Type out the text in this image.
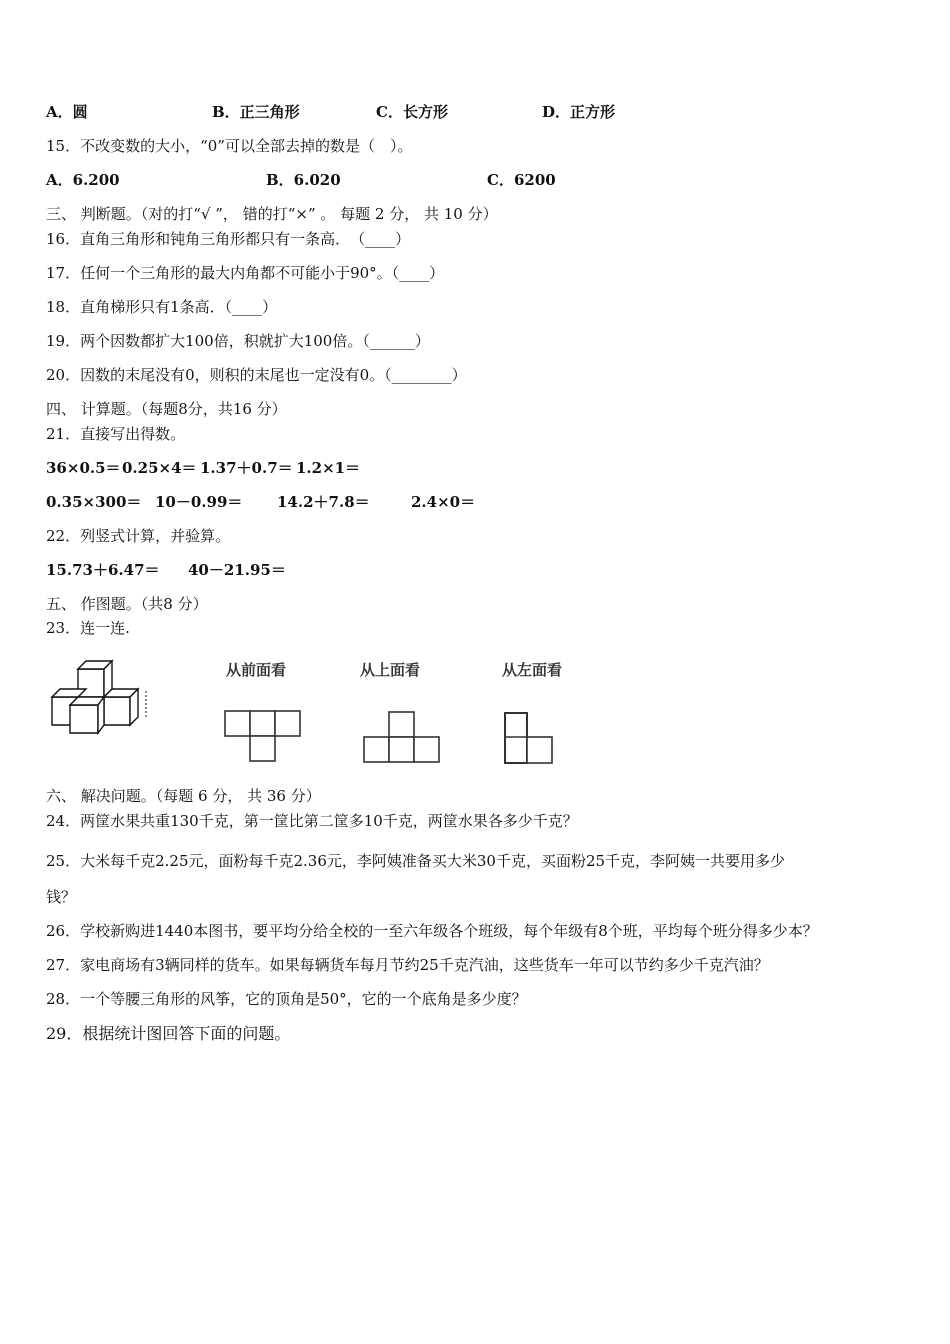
A．圆	B．正三角形	C．长方形	D．正方形
15．不改变数的大小，“0”可以全部去掉的数是（　）。
A．6.200	B．6.020	C．6200
三、 判断题。（对的打“√ ”， 错的打“×” 。 每题 2 分， 共 10 分）
16．直角三角形和钝角三角形都只有一条高．　（____）
17．任何一个三角形的最大内角都不可能小于90°。（____）
18．直角梯形只有1条高．（____）
19．两个因数都扩大100倍，积就扩大100倍。（______）
20．因数的末尾没有0，则积的末尾也一定没有0。（________）
四、 计算题。（每题8分，共16 分）
21．直接写出得数。
36×0.5＝ 0.25×4＝ 1.37＋0.7＝ 1.2×1＝
0.35×300＝ 10－0.99＝ 14.2＋7.8＝	2.4×0＝
22．列竖式计算，并验算。
15.73＋6.47＝ 40－21.95＝
五、 作图题。（共8 分）
23．连一连.
从前面看	从上面看	从左面看
六、 解决问题。（每题 6 分， 共 36 分）
24．两筐水果共重130千克，第一筐比第二筐多10千克，两筐水果各多少千克？
25．大米每千克2.25元，面粉每千克2.36元，李阿姨准备买大米30千克，买面粉25千克，李阿姨一共要用多少
钱？
26．学校新购进1440本图书，要平均分给全校的一至六年级各个班级，每个年级有8个班，平均每个班分得多少本？
27．家电商场有3辆同样的货车。如果每辆货车每月节约25千克汽油，这些货车一年可以节约多少千克汽油？
28．一个等腰三角形的风筝，它的顶角是50°，它的一个底角是多少度？
29．根据统计图回答下面的问题。
